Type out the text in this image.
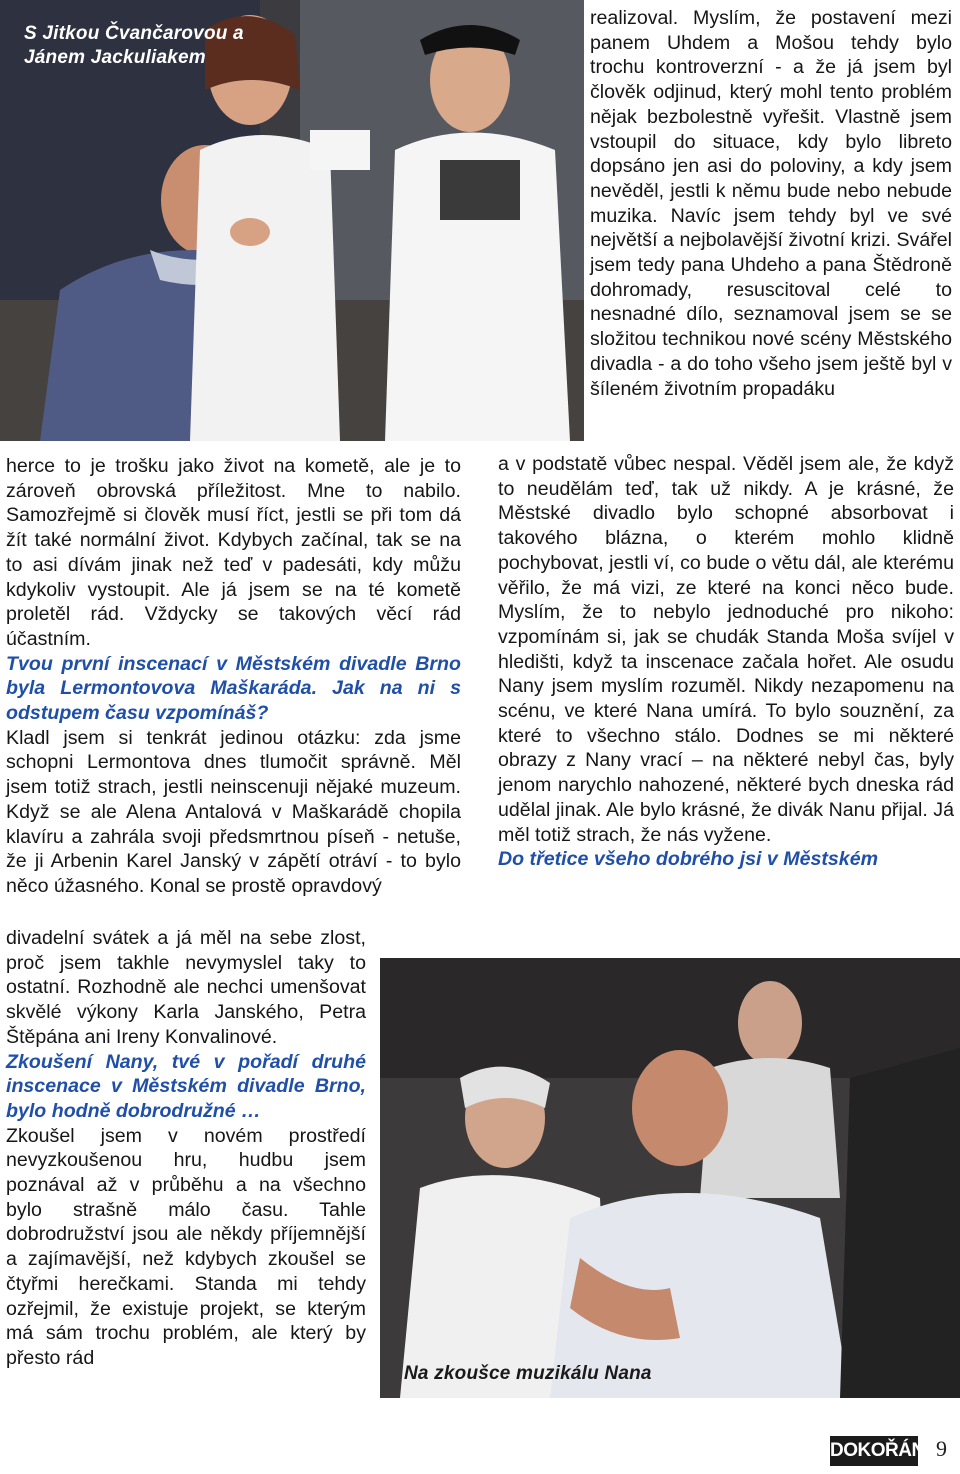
S Jitkou Čvančarovou a Jánem Jackuliakem
Na zkoušce muzikálu Nana

realizoval. Myslím, že postavení mezi panem Uhdem a Mošou tehdy bylo trochu kontroverzní - a že já jsem byl člověk odjinud, který mohl tento problém nějak bezbolestně vyřešit. Vlastně jsem vstoupil do situace, kdy bylo libreto dopsáno jen asi do poloviny, a kdy jsem nevěděl, jestli k němu bude nebo nebude muzika. Navíc jsem tehdy byl ve své největší a nejbolavější životní krizi. Svářel jsem tedy pana Uhdeho a pana Štědroně dohromady, resuscitoval celé to nesnadné dílo, seznamoval jsem se se složitou technikou nové scény Městského divadla - a do toho všeho jsem ještě byl v šíleném životním propadáku

a v podstatě vůbec nespal. Věděl jsem ale, že když to neudělám teď, tak už nikdy. A je krásné, že Městské divadlo bylo schopné absorbovat i takového blázna, o kterém mohlo klidně pochybovat, jestli ví, co bude o větu dál, ale kterému věřilo, že má vizi, ze které na konci něco bude. Myslím, že to nebylo jednoduché pro nikoho: vzpomínám si, jak se chudák Standa Moša svíjel v hledišti, když ta inscenace začala hořet. Ale osudu Nany jsem myslím rozuměl. Nikdy nezapomenu na scénu, ve které Nana umírá. To bylo souznění, za které to všechno stálo. Dodnes se mi některé obrazy z Nany vrací – na některé nebyl čas, byly jenom narychlo nahozené, některé bych dneska rád udělal jinak. Ale bylo krásné, že divák Nanu přijal. Já měl totiž strach, že nás vyžene.

Do třetice všeho dobrého jsi v Městském

herce to je trošku jako život na kometě, ale je to zároveň obrovská příležitost. Mne to nabilo. Samozřejmě si člověk musí říct, jestli se při tom dá žít také normální život. Kdybych začínal, tak se na to asi dívám jinak než teď v padesáti, kdy můžu kdykoliv vystoupit. Ale já jsem se na té kometě proletěl rád. Vždycky se takových věcí rád účastním.

Tvou první inscenací v Městském divadle Brno byla Lermontovova Maškaráda. Jak na ni s odstupem času vzpomínáš?

Kladl jsem si tenkrát jedinou otázku: zda jsme schopni Lermontova dnes tlumočit správně. Měl jsem totiž strach, jestli neinscenuji nějaké muzeum. Když se ale Alena Antalová v Maškarádě chopila klavíru a zahrála svoji předsmrtnou píseň - netuše, že ji Arbenin Karel Janský v zápětí otráví - to bylo něco úžasného. Konal se prostě opravdový

divadelní svátek a já měl na sebe zlost, proč jsem takhle nevymyslel taky to ostatní. Rozhodně ale nechci umenšovat skvělé výkony Karla Janského, Petra Štěpána ani Ireny Konvalinové.

Zkoušení Nany, tvé v pořadí druhé inscenace v Městském divadle Brno, bylo hodně dobrodružné …

Zkoušel jsem v novém prostředí nevyzkoušenou hru, hudbu jsem poznával až v průběhu a na všechno bylo strašně málo času. Tahle dobrodružství jsou ale někdy příjemnější a zajímavější, než kdybych zkoušel se čtyřmi herečkami. Standa mi tehdy ozřejmil, že existuje projekt, se kterým má sám trochu problém, ale který by přesto rád

DOKOŘÁN 9
